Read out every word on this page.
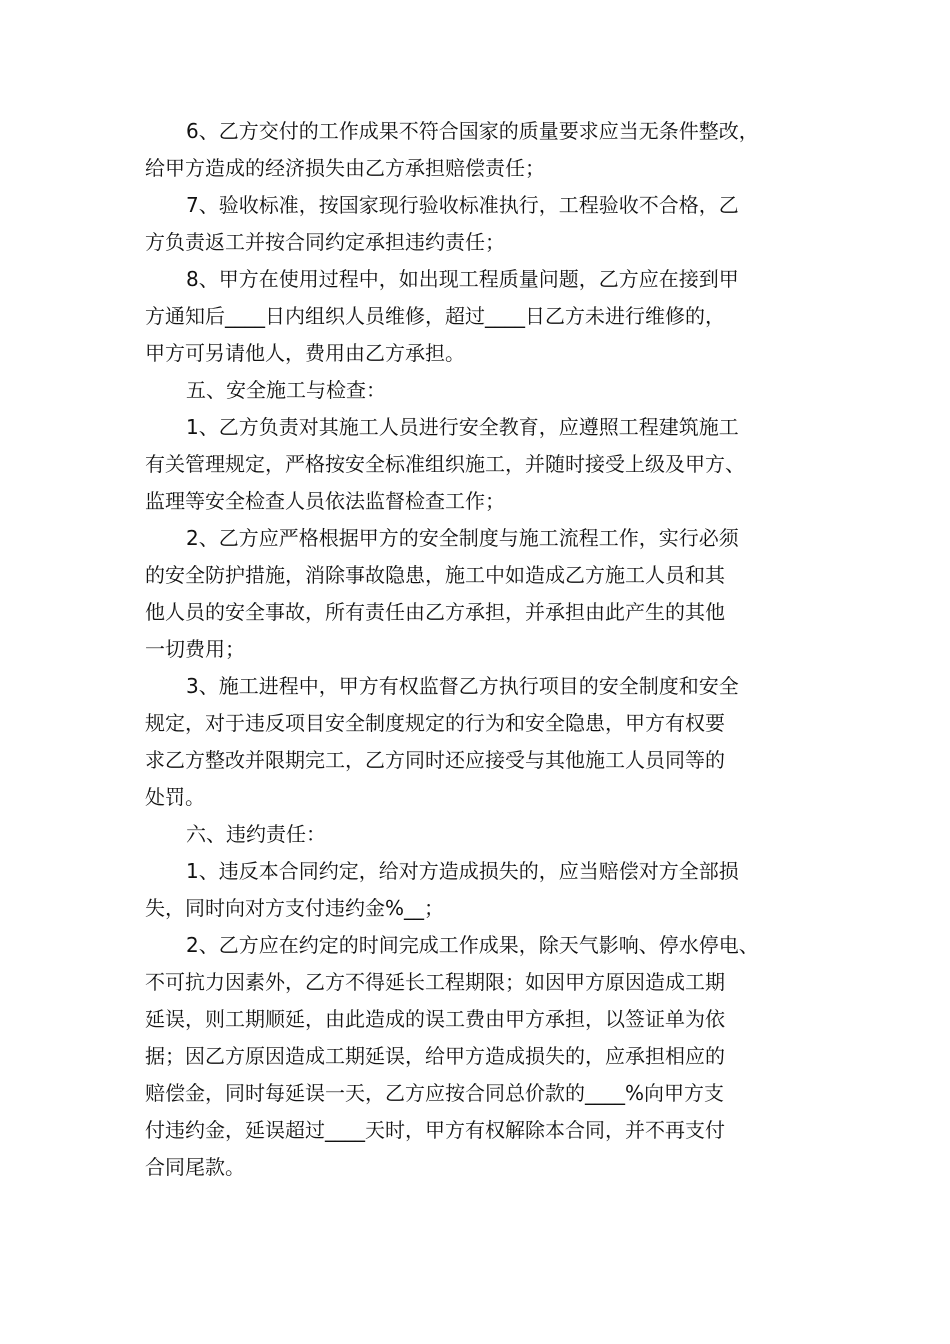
6、乙方交付的工作成果不符合国家的质量要求应当无条件整改，
给甲方造成的经济损失由乙方承担赔偿责任；

7、验收标准，按国家现行验收标准执行，工程验收不合格，乙
方负责返工并按合同约定承担违约责任；

8、甲方在使用过程中，如出现工程质量问题，乙方应在接到甲
方通知后____日内组织人员维修，超过____日乙方未进行维修的，
甲方可另请他人，费用由乙方承担。

五、安全施工与检查：

1、乙方负责对其施工人员进行安全教育，应遵照工程建筑施工
有关管理规定，严格按安全标准组织施工，并随时接受上级及甲方、
监理等安全检查人员依法监督检查工作；

2、乙方应严格根据甲方的安全制度与施工流程工作，实行必须
的安全防护措施，消除事故隐患，施工中如造成乙方施工人员和其
他人员的安全事故，所有责任由乙方承担，并承担由此产生的其他
一切费用；

3、施工进程中，甲方有权监督乙方执行项目的安全制度和安全
规定，对于违反项目安全制度规定的行为和安全隐患，甲方有权要
求乙方整改并限期完工，乙方同时还应接受与其他施工人员同等的
处罚。

六、违约责任：

1、违反本合同约定，给对方造成损失的，应当赔偿对方全部损
失，同时向对方支付违约金%__；

2、乙方应在约定的时间完成工作成果，除天气影响、停水停电、
不可抗力因素外，乙方不得延长工程期限；如因甲方原因造成工期
延误，则工期顺延，由此造成的误工费由甲方承担，以签证单为依
据；因乙方原因造成工期延误，给甲方造成损失的，应承担相应的
赔偿金，同时每延误一天，乙方应按合同总价款的____%向甲方支
付违约金，延误超过____天时，甲方有权解除本合同，并不再支付
合同尾款。
